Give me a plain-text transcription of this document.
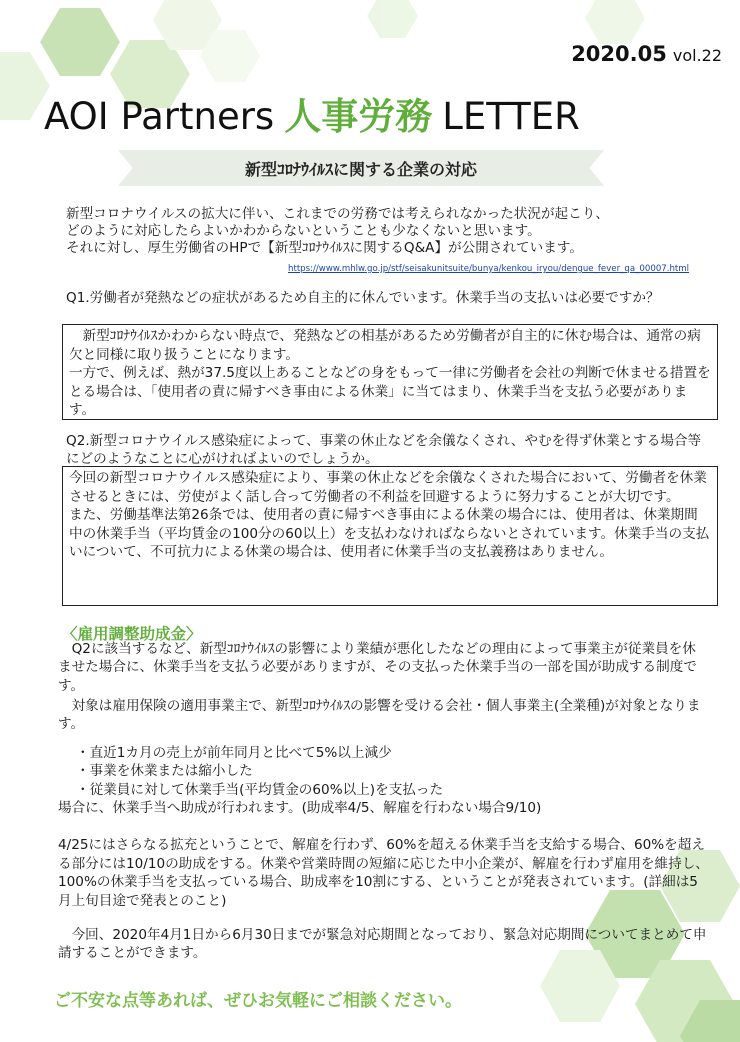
2020.05 vol.22
AOI Partners 人事労務 LETTER
新型ｺﾛﾅｳｲﾙｽに関する企業の対応

新型コロナウイルスの拡大に伴い、これまでの労務では考えられなかった状況が起こり、

どのように対応したらよいかわからないということも少なくないと思います。

それに対し、厚生労働省のHPで【新型ｺﾛﾅｳｲﾙｽに関するQ&A】が公開されています。

https://www.mhlw.go.jp/stf/seisakunitsuite/bunya/kenkou_iryou/dengue_fever_qa_00007.html

Q1.労働者が発熱などの症状があるため自主的に休んでいます。休業手当の支払いは必要ですか？

　新型ｺﾛﾅｳｲﾙｽかわからない時点で、発熱などの相基があるため労働者が自主的に休む場合は、通常の病欠と同様に取り扱うことになります。

一方で、例えば、熱が37.5度以上あることなどの身をもって一律に労働者を会社の判断で休ませる措置をとる場合は、「使用者の責に帰すべき事由による休業」に当てはまり、休業手当を支払う必要があります。

Q2.新型コロナウイルス感染症によって、事業の休止などを余儀なくされ、やむを得ず休業とする場合等にどのようなことに心がければよいのでしょうか。

今回の新型コロナウイルス感染症により、事業の休止などを余儀なくされた場合において、労働者を休業させるときには、労使がよく話し合って労働者の不利益を回避するように努力することが大切です。

また、労働基準法第26条では、使用者の責に帰すべき事由による休業の場合には、使用者は、休業期間中の休業手当（平均賃金の100分の60以上）を支払わなければならないとされています。休業手当の支払いについて、不可抗力による休業の場合は、使用者に休業手当の支払義務はありません。

〈雇用調整助成金〉

　Q2に該当するなど、新型ｺﾛﾅｳｲﾙｽの影響により業績が悪化したなどの理由によって事業主が従業員を休ませた場合に、休業手当を支払う必要がありますが、その支払った休業手当の一部を国が助成する制度です。

　対象は雇用保険の適用事業主で、新型ｺﾛﾅｳｲﾙｽの影響を受ける会社・個人事業主(全業種)が対象となります。

・直近1カ月の売上が前年同月と比べて5%以上減少
・事業を休業または縮小した
・従業員に対して休業手当(平均賃金の60%以上)を支払った

場合に、休業手当へ助成が行われます。(助成率4/5、解雇を行わない場合9/10)

4/25にはさらなる拡充ということで、解雇を行わず、60%を超える休業手当を支給する場合、60%を超える部分には10/10の助成をする。休業や営業時間の短縮に応じた中小企業が、解雇を行わず雇用を維持し、100%の休業手当を支払っている場合、助成率を10割にする、ということが発表されています。(詳細は5月上旬目途で発表とのこと)

　今回、2020年4月1日から6月30日までが緊急対応期間となっており、緊急対応期間についてまとめて申請することができます。

ご不安な点等あれば、ぜひお気軽にご相談ください。
